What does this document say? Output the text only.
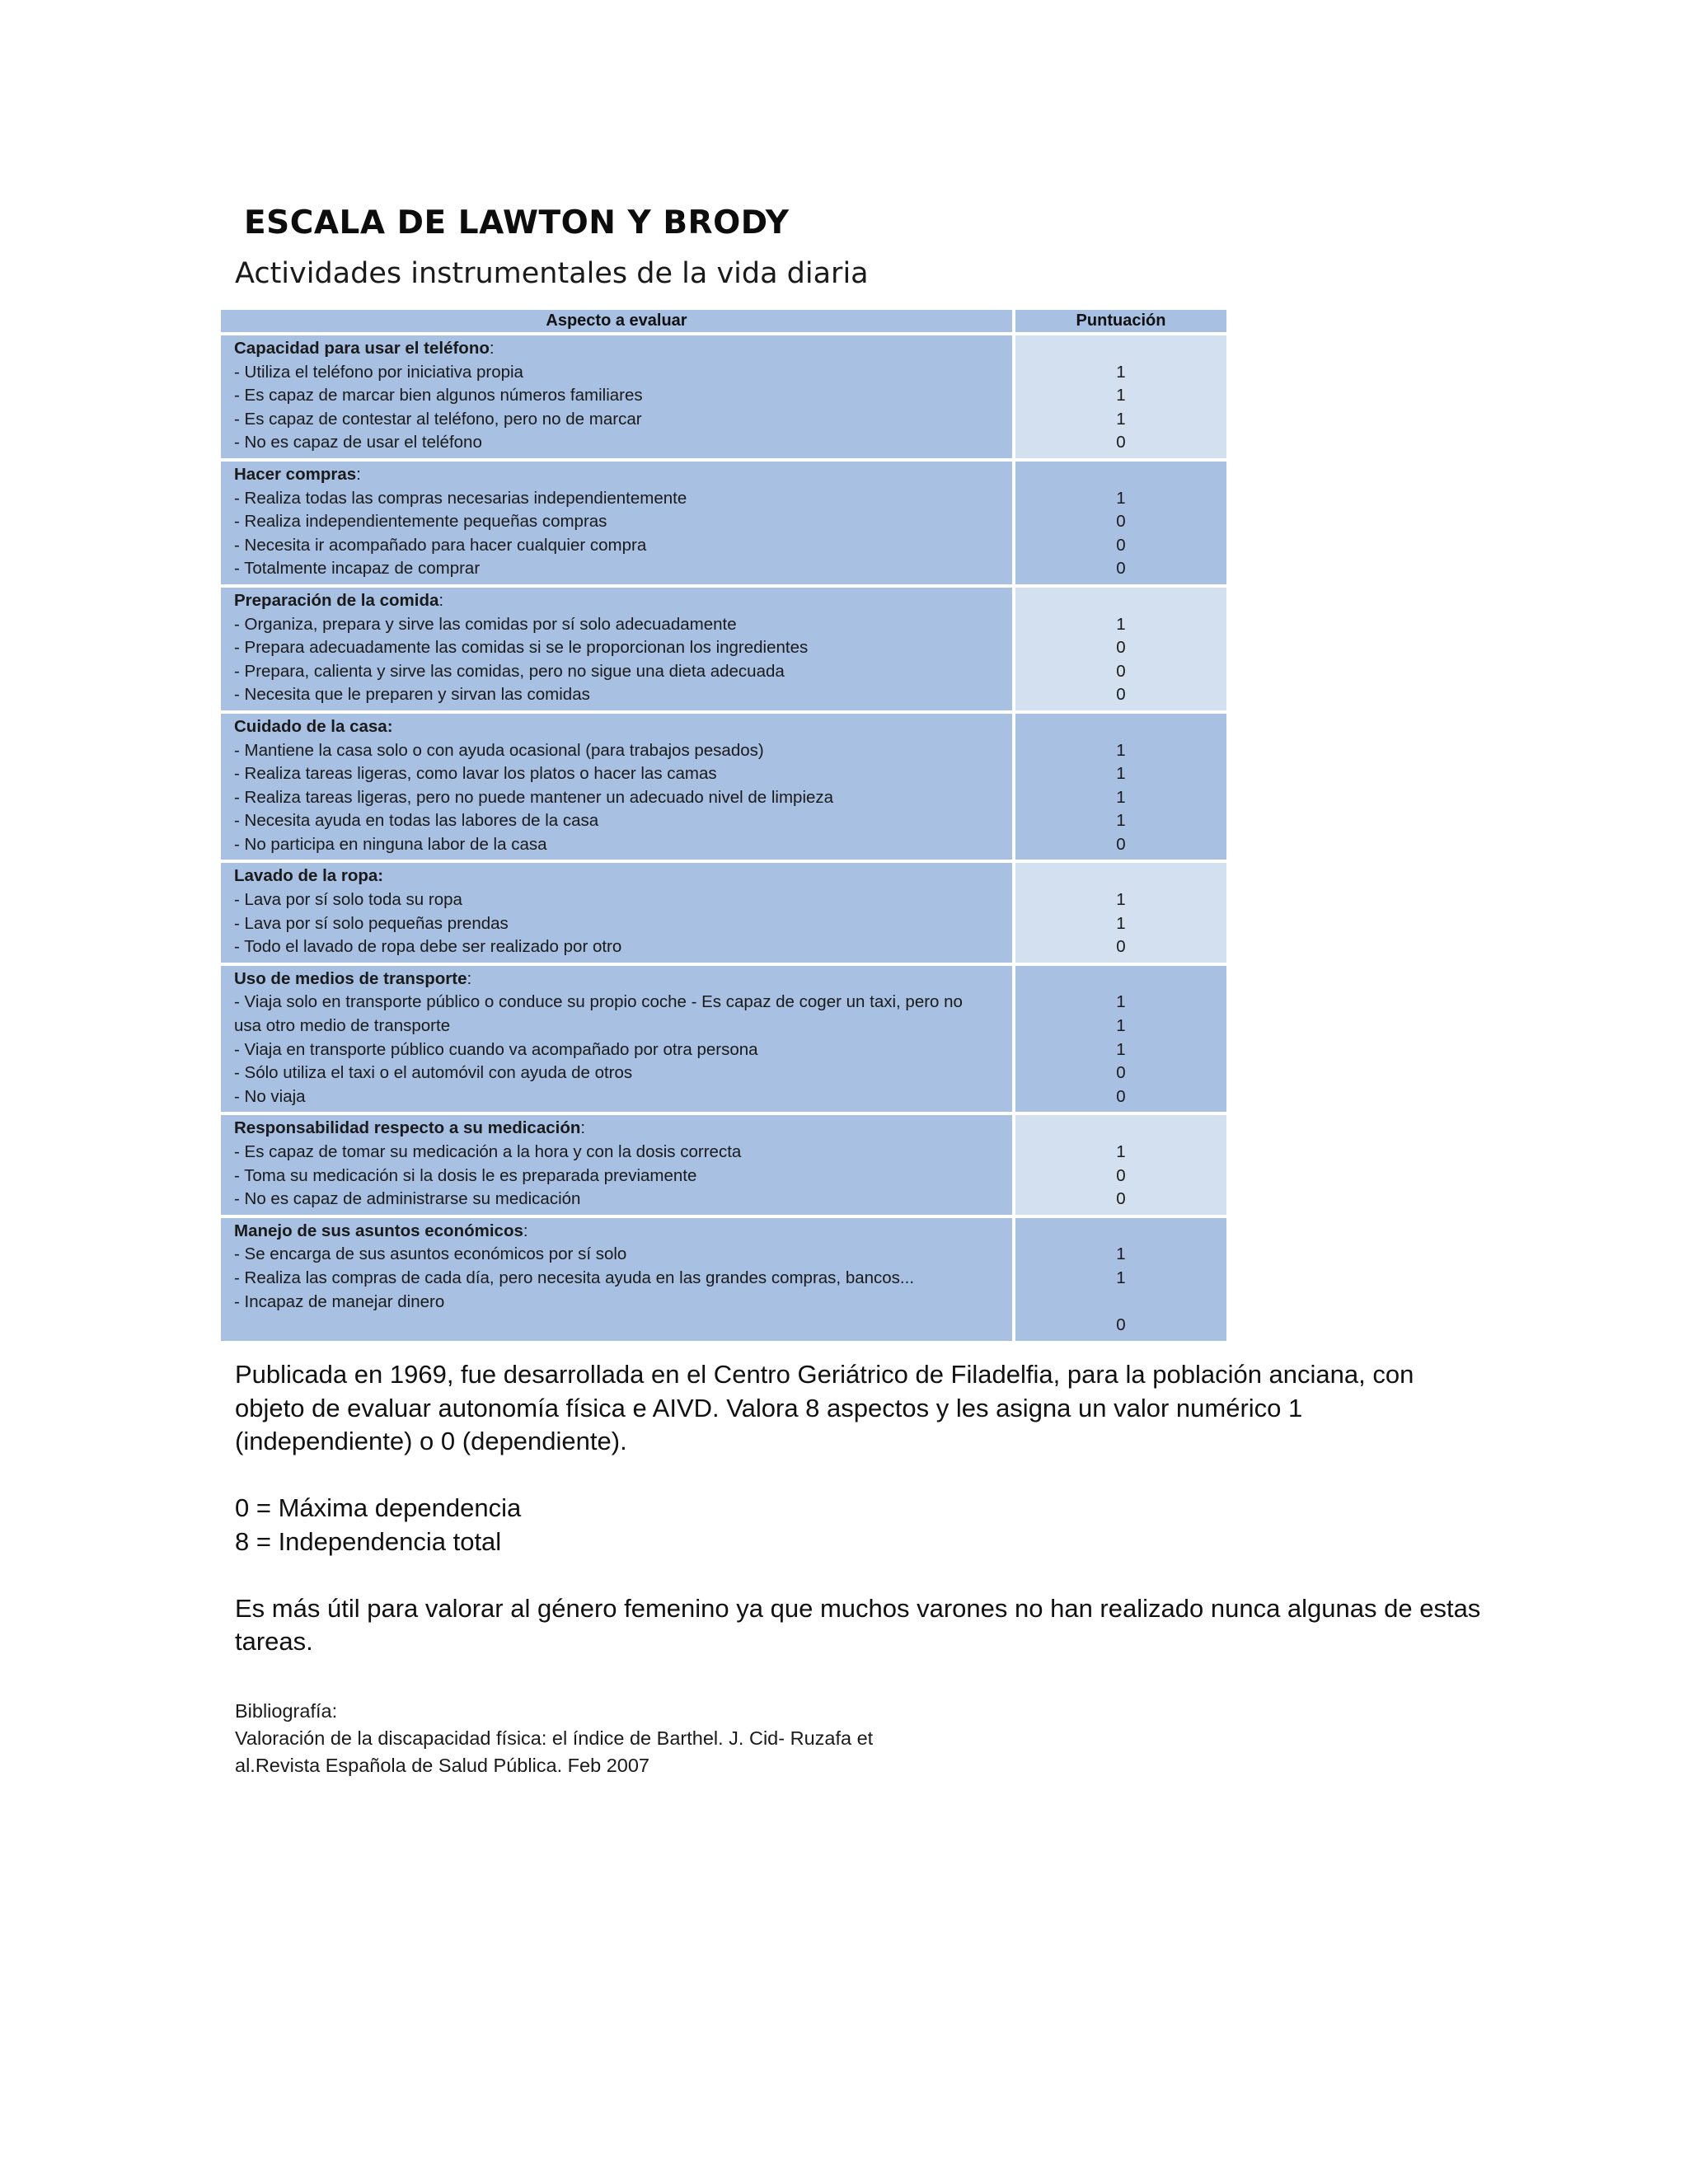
ESCALA DE LAWTON Y BRODY
Actividades instrumentales de la vida diaria
Aspecto a evaluar	Puntuación
Capacidad para usar el teléfono:
- Utiliza el teléfono por iniciativa propia
- Es capaz de marcar bien algunos números familiares
- Es capaz de contestar al teléfono, pero no de marcar
- No es capaz de usar el teléfono
1
1
1
0
Hacer compras:
- Realiza todas las compras necesarias independientemente
- Realiza independientemente pequeñas compras
- Necesita ir acompañado para hacer cualquier compra
- Totalmente incapaz de comprar
1
0
0
0
Preparación de la comida:
- Organiza, prepara y sirve las comidas por sí solo adecuadamente
- Prepara adecuadamente las comidas si se le proporcionan los ingredientes
- Prepara, calienta y sirve las comidas, pero no sigue una dieta adecuada
- Necesita que le preparen y sirvan las comidas
1
0
0
0
Cuidado de la casa:
- Mantiene la casa solo o con ayuda ocasional (para trabajos pesados)
- Realiza tareas ligeras, como lavar los platos o hacer las camas
- Realiza tareas ligeras, pero no puede mantener un adecuado nivel de limpieza
- Necesita ayuda en todas las labores de la casa
- No participa en ninguna labor de la casa
1
1
1
1
0
Lavado de la ropa:
- Lava por sí solo toda su ropa
- Lava por sí solo pequeñas prendas
- Todo el lavado de ropa debe ser realizado por otro
1
1
0
Uso de medios de transporte:
- Viaja solo en transporte público o conduce su propio coche - Es capaz de coger un taxi, pero no
usa otro medio de transporte
- Viaja en transporte público cuando va acompañado por otra persona
- Sólo utiliza el taxi o el automóvil con ayuda de otros
- No viaja
1
1
1
0
0
Responsabilidad respecto a su medicación:
- Es capaz de tomar su medicación a la hora y con la dosis correcta
- Toma su medicación si la dosis le es preparada previamente
- No es capaz de administrarse su medicación
1
0
0
Manejo de sus asuntos económicos:
- Se encarga de sus asuntos económicos por sí solo
- Realiza las compras de cada día, pero necesita ayuda en las grandes compras, bancos...
- Incapaz de manejar dinero
1
1
0

Publicada en 1969, fue desarrollada en el Centro Geriátrico de Filadelfia, para la población anciana, con

objeto de evaluar autonomía física e AIVD. Valora 8 aspectos y les asigna un valor numérico 1

(independiente) o 0 (dependiente).

0 = Máxima dependencia

8 = Independencia total

Es más útil para valorar al género femenino ya que muchos varones no han realizado nunca algunas de estas

tareas.

Bibliografía:

Valoración de la discapacidad física: el índice de Barthel. J. Cid- Ruzafa et

al.Revista Española de Salud Pública. Feb 2007
